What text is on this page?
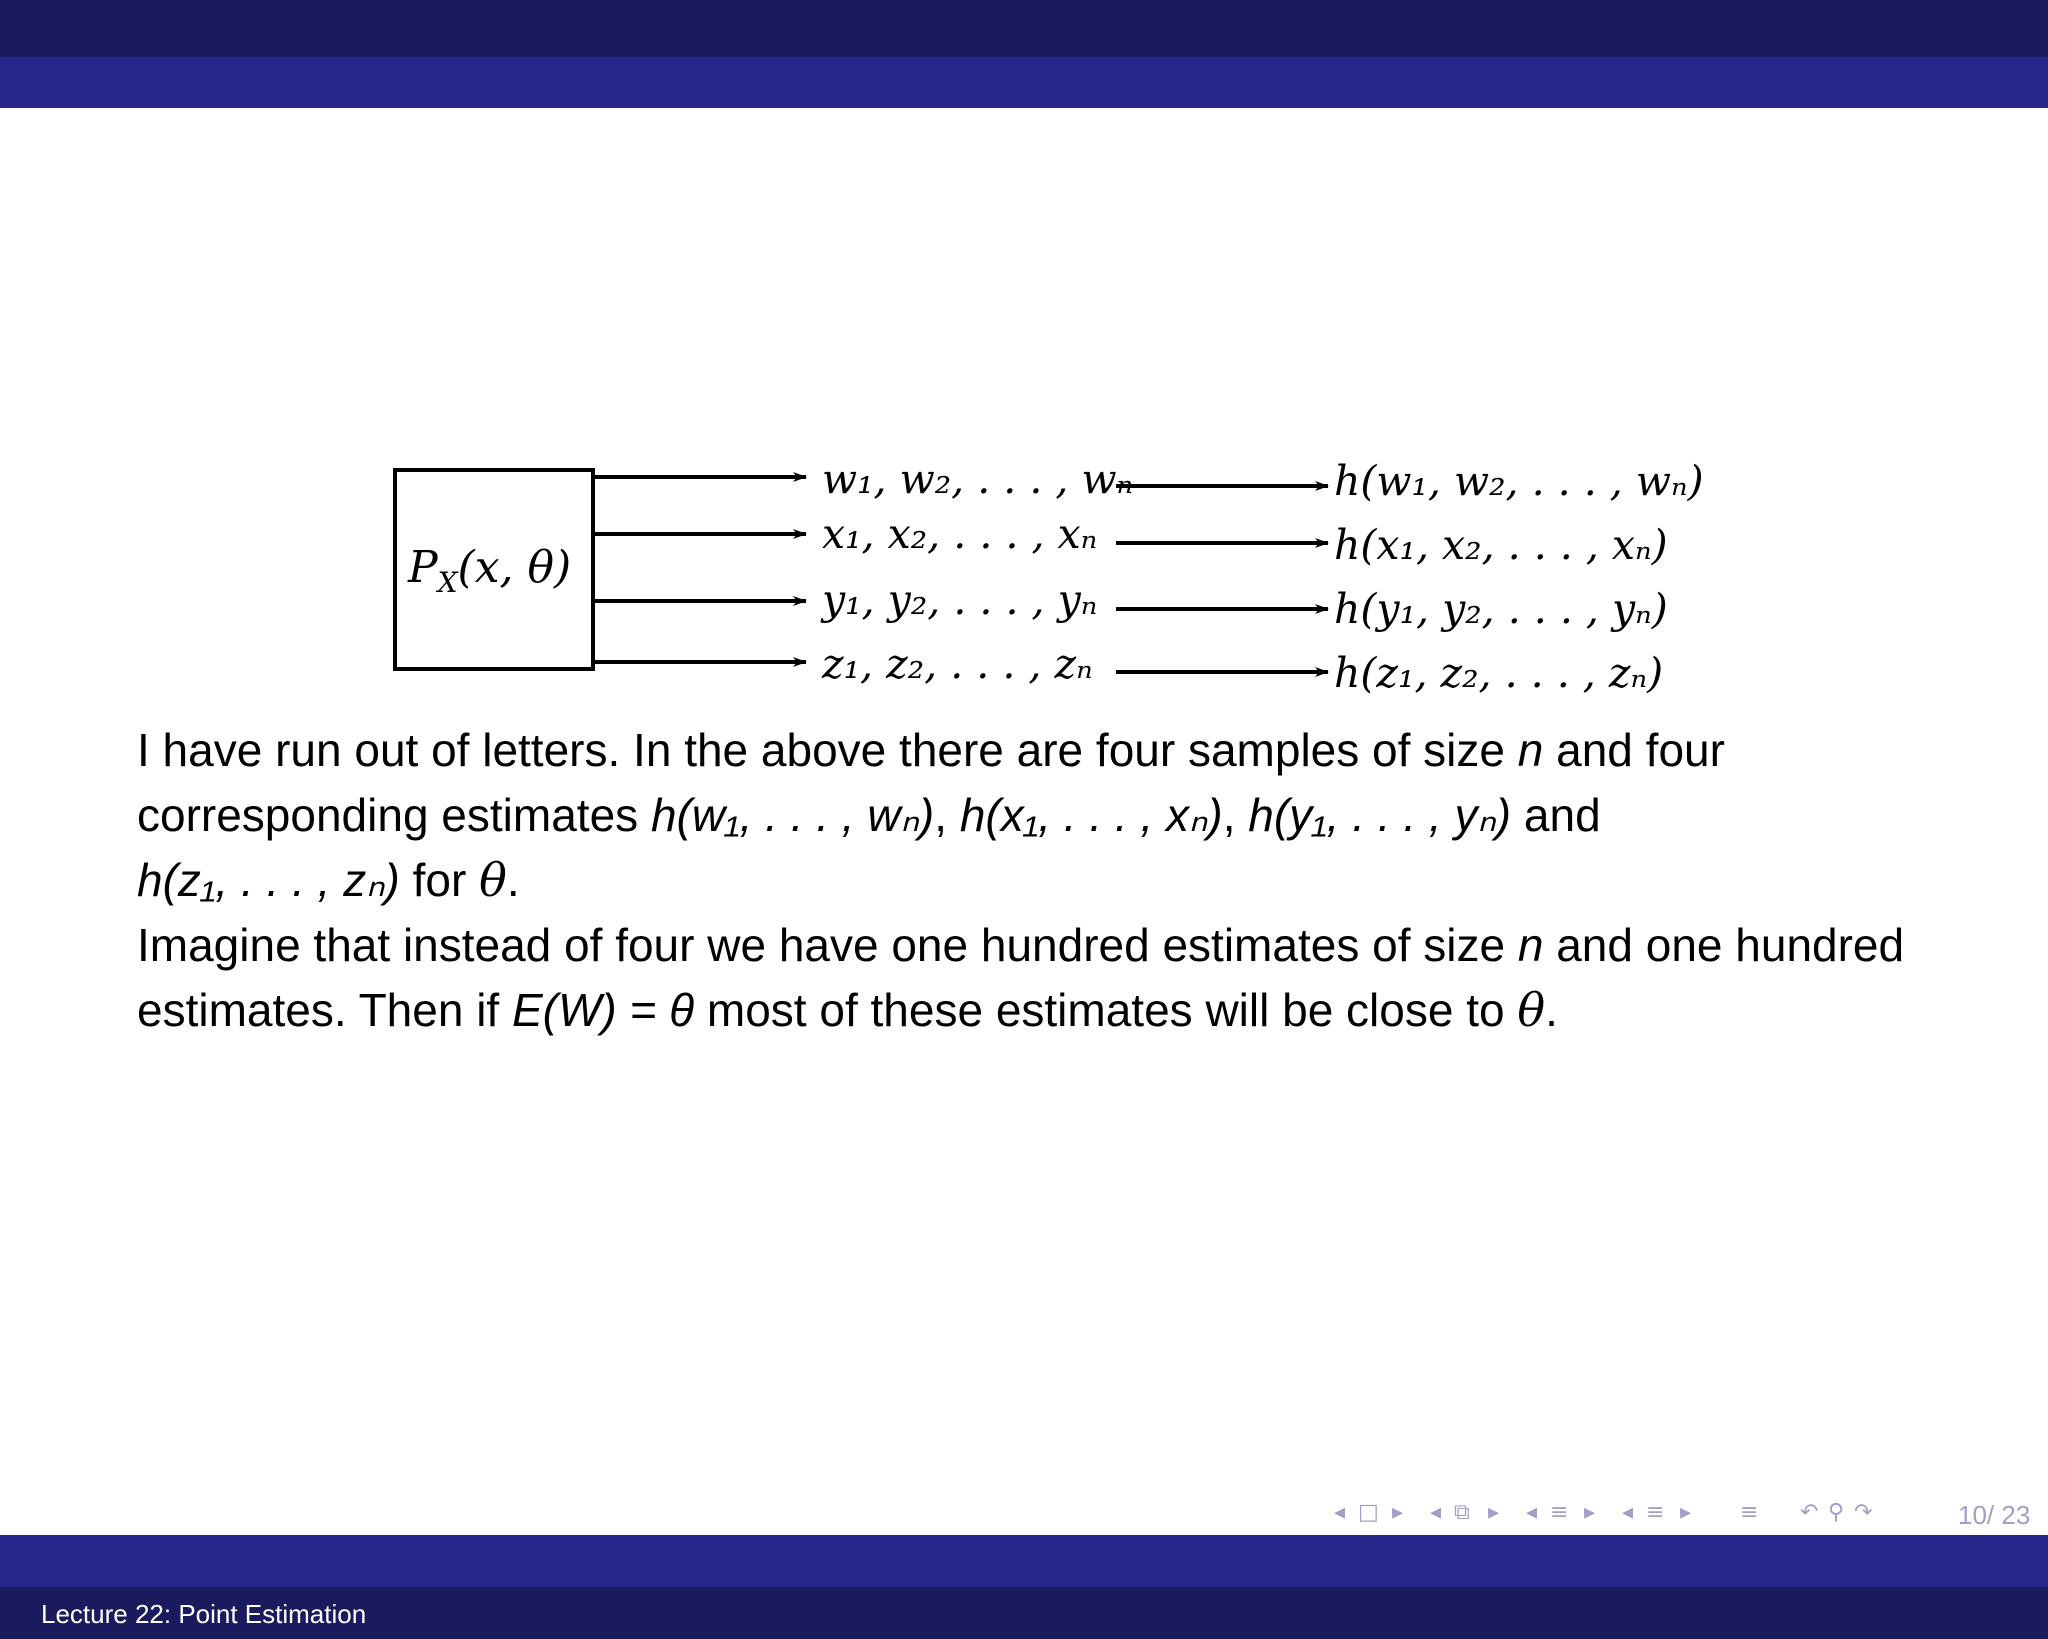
$P_X(x$, θ)
w₁, w₂, . . . , wₙ
x₁, x₂, . . . , xₙ
y₁, y₂, . . . , yₙ
z₁, z₂, . . . , zₙ
h(w₁, w₂, . . . , wₙ)
h(x₁, x₂, . . . , xₙ)
h(y₁, y₂, . . . , yₙ)
h(z₁, z₂, . . . , zₙ)
I have run out of letters. In the above there are four samples of size n and four corresponding estimates h(w₁, . . . , wₙ), h(x₁, . . . , xₙ), h(y₁, . . . , yₙ) and
h(z₁, . . . , zₙ) for θ.
Imagine that instead of four we have one hundred estimates of size n and one hundred estimates. Then if E(W) = θ most of these estimates will be close to θ.
◂ □ ▸	◂ ⧉ ▸	◂ ≡ ▸	◂ ≡ ▸	≡	↶ ⚲ ↷	10/ 23
Lecture 22: Point Estimation
